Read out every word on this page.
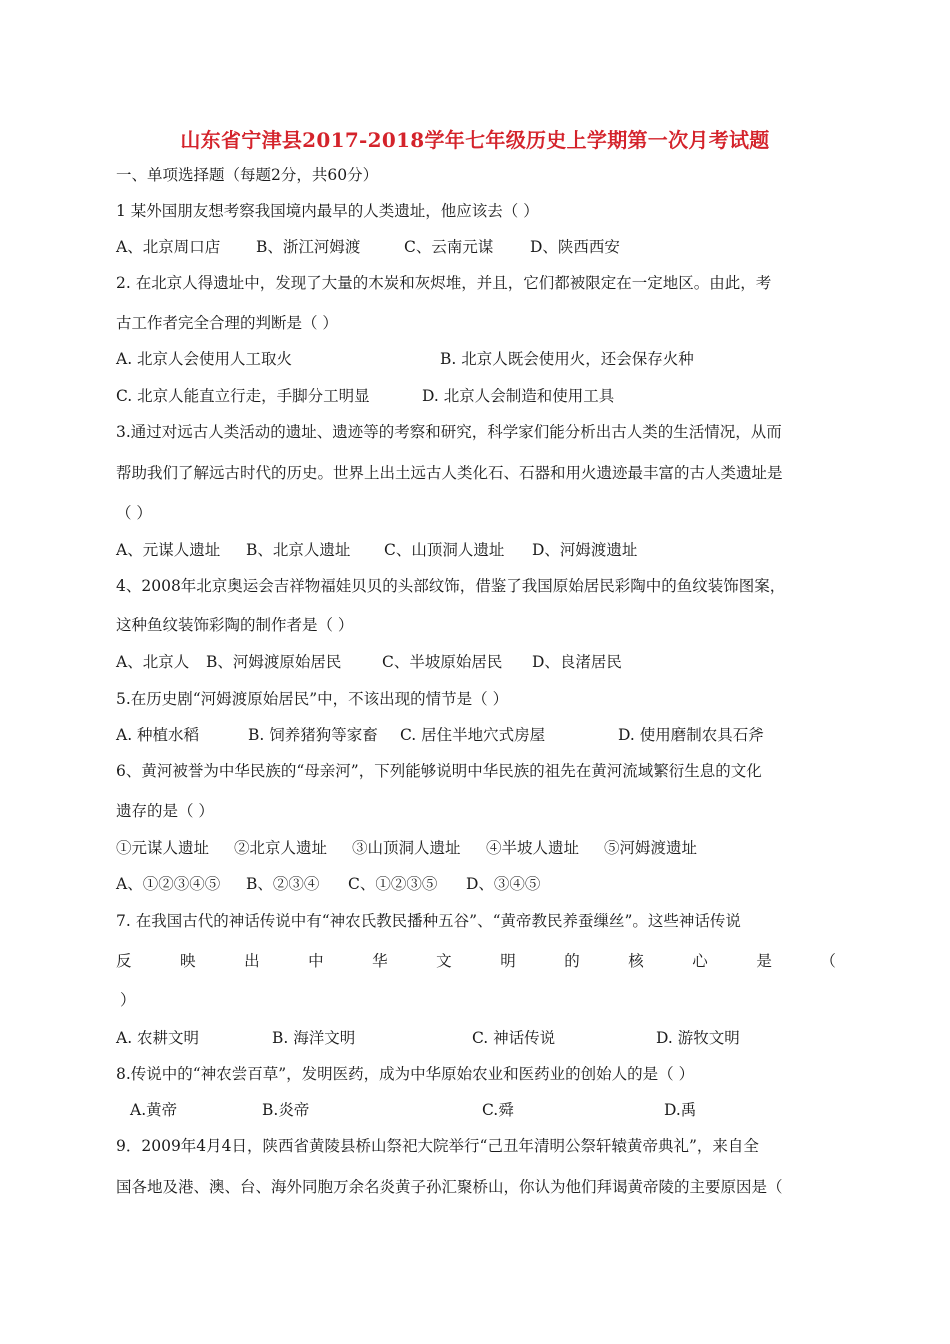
山东省宁津县2017-2018学年七年级历史上学期第一次月考试题
一、单项选择题（每题2分，共60分）
1 某外国朋友想考察我国境内最早的人类遗址，他应该去（ ）
A、北京周口店 B、浙江河姆渡	C、云南元谋 D、陕西西安
2. 在北京人得遗址中，发现了大量的木炭和灰烬堆，并且，它们都被限定在一定地区。由此，考
古工作者完全合理的判断是（ ）
A. 北京人会使用人工取火	B. 北京人既会使用火，还会保存火种
C. 北京人能直立行走，手脚分工明显	D. 北京人会制造和使用工具
3.通过对远古人类活动的遗址、遗迹等的考察和研究，科学家们能分析出古人类的生活情况，从而
帮助我们了解远古时代的历史。世界上出土远古人类化石、石器和用火遗迹最丰富的古人类遗址是
（ ）
A、元谋人遗址 B、北京人遗址 C、山顶洞人遗址 D、河姆渡遗址
4、2008年北京奥运会吉祥物福娃贝贝的头部纹饰，借鉴了我国原始居民彩陶中的鱼纹装饰图案，
这种鱼纹装饰彩陶的制作者是（ ）
A、北京人 B、河姆渡原始居民	C、半坡原始居民 D、良渚居民
5.在历史剧“河姆渡原始居民”中，不该出现的情节是（ ）
A. 种植水稻	B. 饲养猪狗等家畜 C. 居住半地穴式房屋	D. 使用磨制农具石斧
6、黄河被誉为中华民族的“母亲河”，下列能够说明中华民族的祖先在黄河流域繁衍生息的文化
遗存的是（ ）
①元谋人遗址 ②北京人遗址 ③山顶洞人遗址 ④半坡人遗址 ⑤河姆渡遗址
A、①②③④⑤ B、②③④ C、①②③⑤ D、③④⑤
7. 在我国古代的神话传说中有“神农氏教民播种五谷”、“黄帝教民养蚕缫丝”。这些神话传说
反	映	出	中	华	文	明	的	核	心	是	（
）
A. 农耕文明	B. 海洋文明	C. 神话传说	D. 游牧文明
8.传说中的“神农尝百草”，发明医药，成为中华原始农业和医药业的创始人的是（ ）
A.黄帝	B.炎帝	C.舜	D.禹
9．2009年4月4日，陕西省黄陵县桥山祭祀大院举行“己丑年清明公祭轩辕黄帝典礼”，来自全
国各地及港、澳、台、海外同胞万余名炎黄子孙汇聚桥山，你认为他们拜谒黄帝陵的主要原因是（
